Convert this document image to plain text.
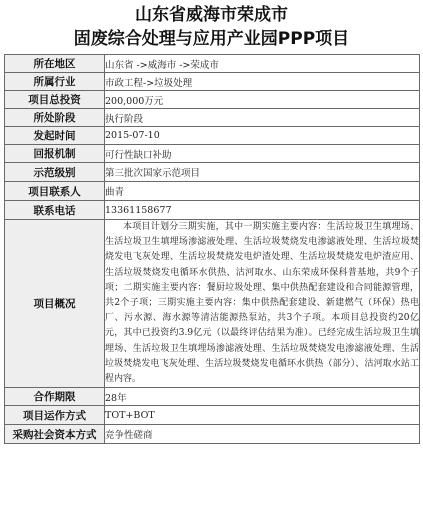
山东省威海市荣成市
固废综合处理与应用产业园PPP项目
所在地区	山东省 ->威海市 ->荣成市
所属行业	市政工程->垃圾处理
项目总投资	200,000万元
所处阶段	执行阶段
发起时间	2015-07-10
回报机制	可行性缺口补助
示范级别	第三批次国家示范项目
项目联系人	曲青
联系电话	13361158677
项目概况	本项目计划分三期实施，其中一期实施主要内容：生活垃圾卫生填埋场、生活垃圾卫生填埋场渗滤液处理、生活垃圾焚烧发电渗滤液处理、生活垃圾焚烧发电飞灰处理、生活垃圾焚烧发电炉渣处理、生活垃圾焚烧发电炉渣应用、生活垃圾焚烧发电循环水供热、沽河取水、山东荣成环保科普基地，共9个子项；二期实施主要内容：餐厨垃圾处理、集中供热配套建设和合同能源管理，共2个子项；三期实施主要内容：集中供热配套建设、新建燃气（环保）热电厂、污水源、海水源等清洁能源热泵站，共3个子项。本项目总投资约20亿元，其中已投资约3.9亿元（以最终评估结果为准）。已经完成生活垃圾卫生填埋场、生活垃圾卫生填埋场渗滤液处理、生活垃圾焚烧发电渗滤液处理、生活垃圾焚烧发电飞灰处理、生活垃圾焚烧发电循环水供热（部分）、沽河取水站工程内容。

合作期限	28年
项目运作方式	TOT+BOT
采购社会资本方式	竞争性磋商
